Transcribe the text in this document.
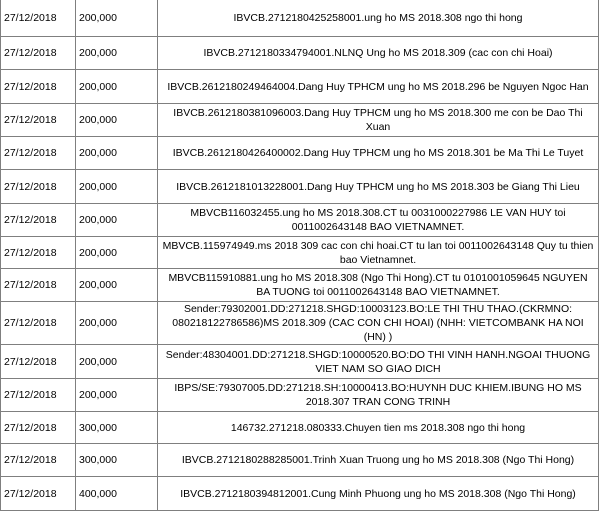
27/12/2018	200,000	IBVCB.2712180425258001.ung ho MS 2018.308 ngo thi hong
27/12/2018	200,000	IBVCB.2712180334794001.NLNQ Ung ho MS 2018.309 (cac con chi Hoai)
27/12/2018	200,000	IBVCB.2612180249464004.Dang Huy TPHCM ung ho MS 2018.296 be Nguyen Ngoc Han
27/12/2018	200,000	IBVCB.2612180381096003.Dang Huy TPHCM ung ho MS 2018.300 me con be Dao Thi Xuan
27/12/2018	200,000	IBVCB.2612180426400002.Dang Huy TPHCM ung ho MS 2018.301 be Ma Thi Le Tuyet
27/12/2018	200,000	IBVCB.2612181013228001.Dang Huy TPHCM ung ho MS 2018.303 be Giang Thi Lieu
27/12/2018	200,000	MBVCB116032455.ung ho MS 2018.308.CT tu 0031000227986 LE VAN HUY toi 0011002643148 BAO VIETNAMNET.
27/12/2018	200,000	MBVCB.115974949.ms 2018 309 cac con chi hoai.CT tu lan toi 0011002643148 Quy tu thien bao Vietnamnet.
27/12/2018	200,000	MBVCB115910881.ung ho MS 2018.308 (Ngo Thi Hong).CT tu 0101001059645 NGUYEN BA TUONG toi 0011002643148 BAO VIETNAMNET.
27/12/2018	200,000	Sender:79302001.DD:271218.SHGD:10003123.BO:LE THI THU THAO.(CKRMNO: 080218122786586)MS 2018.309 (CAC CON CHI HOAI) (NHH: VIETCOMBANK HA NOI (HN) )
27/12/2018	200,000	Sender:48304001.DD:271218.SHGD:10000520.BO:DO THI VINH HANH.NGOAI THUONG VIET NAM SO GIAO DICH
27/12/2018	200,000	IBPS/SE:79307005.DD:271218.SH:10000413.BO:HUYNH DUC KHIEM.IBUNG HO MS 2018.307 TRAN CONG TRINH
27/12/2018	300,000	146732.271218.080333.Chuyen tien ms 2018.308 ngo thi hong
27/12/2018	300,000	IBVCB.2712180288285001.Trinh Xuan Truong ung ho MS 2018.308 (Ngo Thi Hong)
27/12/2018	400,000	IBVCB.2712180394812001.Cung Minh Phuong ung ho MS 2018.308 (Ngo Thi Hong)
